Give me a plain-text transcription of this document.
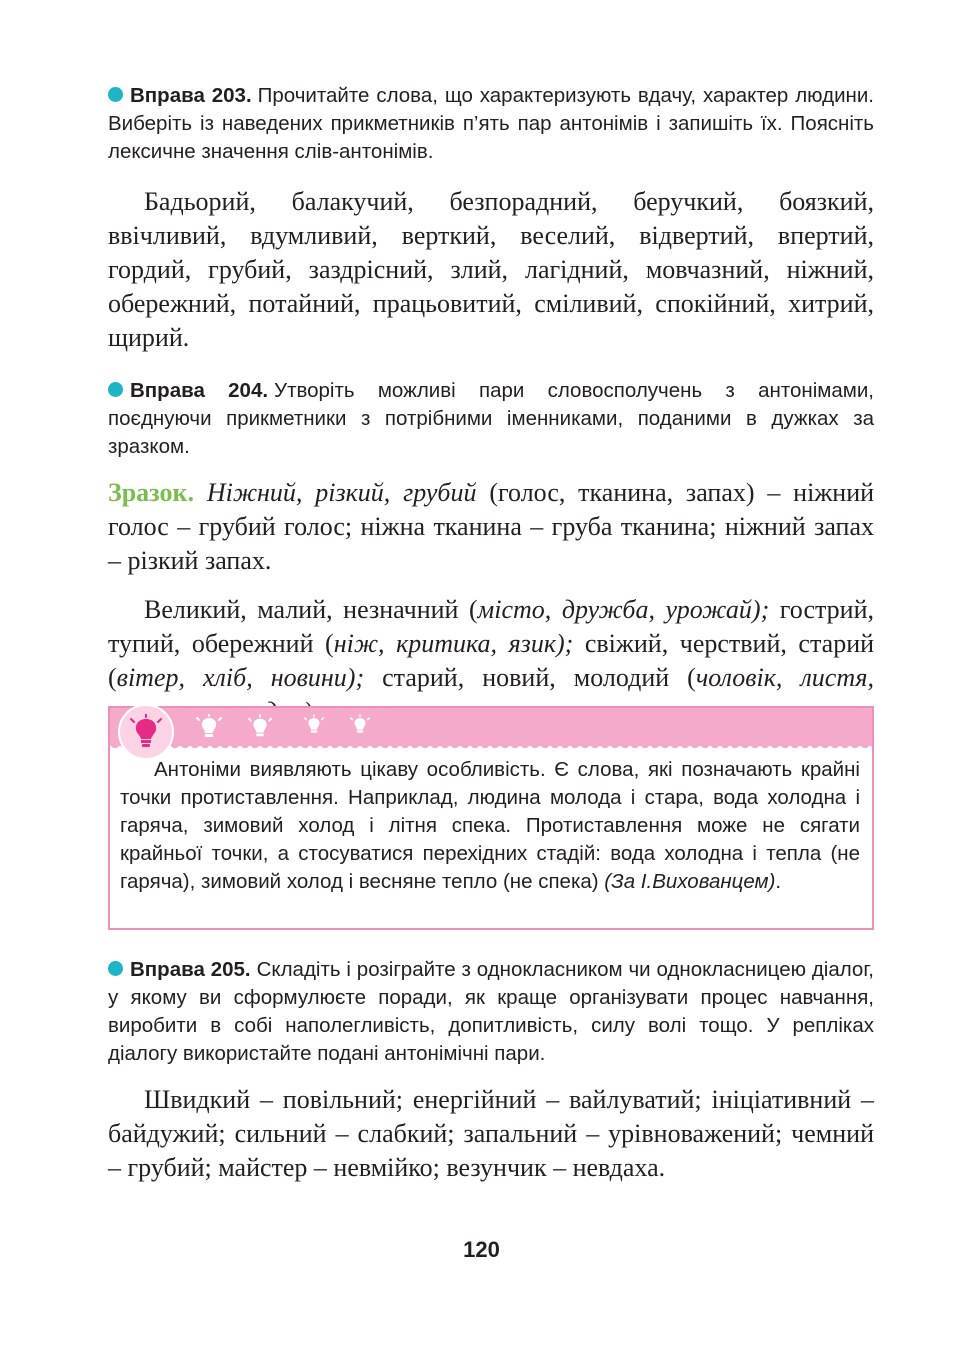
Вправа 203. Прочитайте слова, що характеризують вдачу, характер людини. Виберіть із наведених прикметників п’ять пар антонімів і запишіть їх. Поясніть лексичне значення слів-антонімів.

Бадьорий, балакучий, безпорадний, беручкий, боязкий, ввічливий, вдумливий, верткий, веселий, відвертий, впертий, гордий, грубий, заздрісний, злий, лагідний, мовчазний, ніжний, обережний, потайний, працьовитий, сміливий, спокійний, хитрий, щирий.

Вправа 204. Утворіть можливі пари словосполучень з антонімами, поєднуючи прикметники з потрібними іменниками, поданими в дужках за зразком.

Зразок. Ніжний, різкий, грубий (голос, тканина, запах) – ніжний голос – грубий голос; ніжна тканина – груба тканина; ніжний запах – різкий запах.

Великий, малий, незначний (місто, дружба, урожай); гострий, тупий, обережний (ніж, критика, язик); свіжий, черствий, старий (вітер, хліб, новини); старий, новий, молодий (чоловік, листя,

Антоніми виявляють цікаву особливість. Є слова, які позначають крайні точки протиставлення. Наприклад, людина молода і стара, вода холодна і гаряча, зимовий холод і літня спека. Протиставлення може не сягати крайньої точки, а стосуватися перехідних стадій: вода холодна і тепла (не гаряча), зимовий холод і весняне тепло (не спека) (За І.Вихованцем).

Вправа 205. Складіть і розіграйте з однокласником чи однокласницею діалог, у якому ви сформулюєте поради, як краще організувати процес навчання, виробити в собі наполегливість, допитливість, силу волі тощо. У репліках діалогу використайте подані антонімічні пари.

Швидкий – повільний; енергійний – вайлуватий; ініціативний – байдужий; сильний – слабкий; запальний – урівноважений; чемний – грубий; майстер – невмійко; везунчик – невдаха.

120
